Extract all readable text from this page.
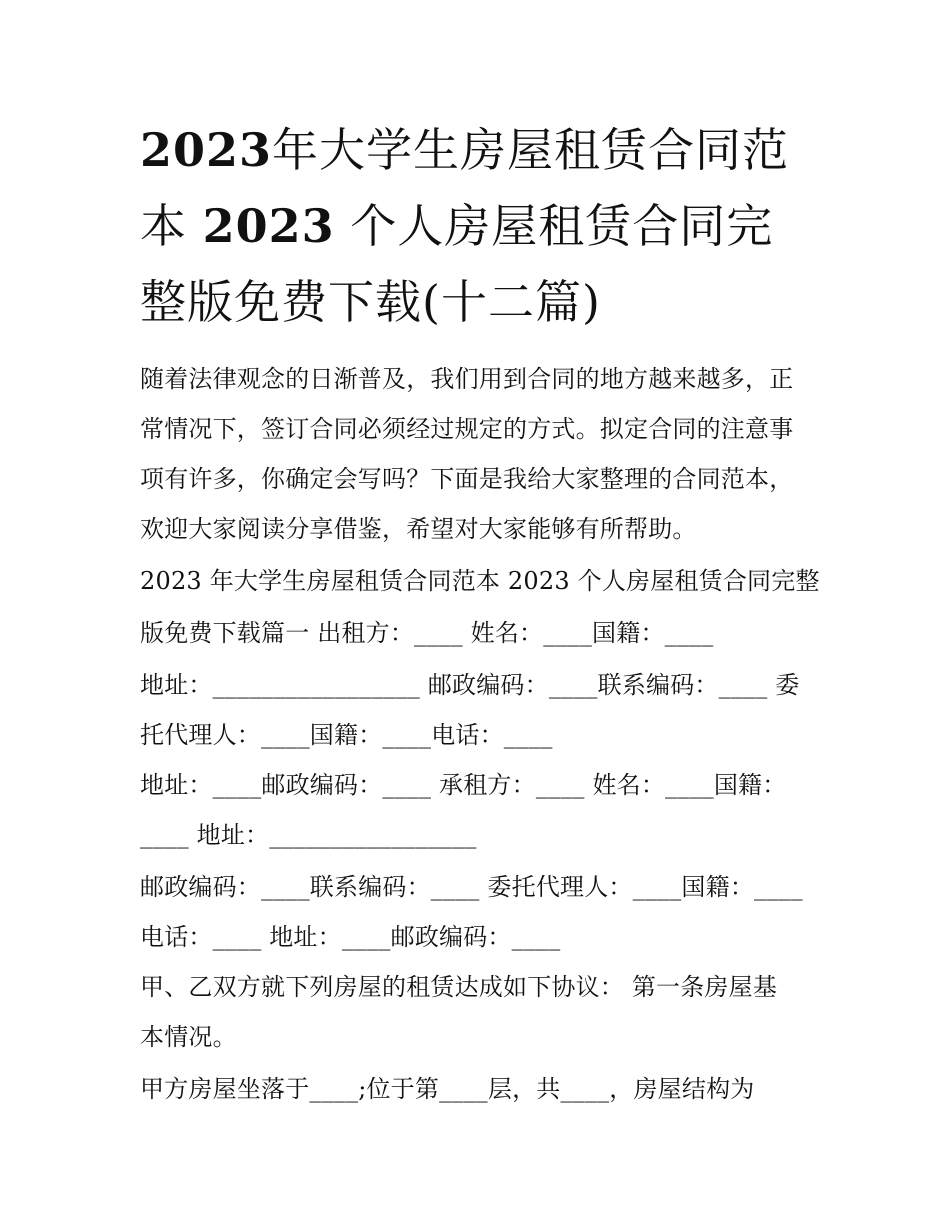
2023年大学生房屋租赁合同范
本 2023 个人房屋租赁合同完
整版免费下载(十二篇)

随着法律观念的日渐普及，我们用到合同的地方越来越多，正

常情况下，签订合同必须经过规定的方式。拟定合同的注意事

项有许多，你确定会写吗？下面是我给大家整理的合同范本，

欢迎大家阅读分享借鉴，希望对大家能够有所帮助。

2023 年大学生房屋租赁合同范本 2023 个人房屋租赁合同完整

版免费下载篇一 出租方：____ 姓名：____国籍：____

地址：_________________ 邮政编码：____联系编码：____ 委

托代理人：____国籍：____电话：____

地址：____邮政编码：____ 承租方：____ 姓名：____国籍：

____ 地址：_________________

邮政编码：____联系编码：____ 委托代理人：____国籍：____

电话：____ 地址：____邮政编码：____

甲、乙双方就下列房屋的租赁达成如下协议： 第一条房屋基

本情况。

甲方房屋坐落于____;位于第____层，共____，房屋结构为
